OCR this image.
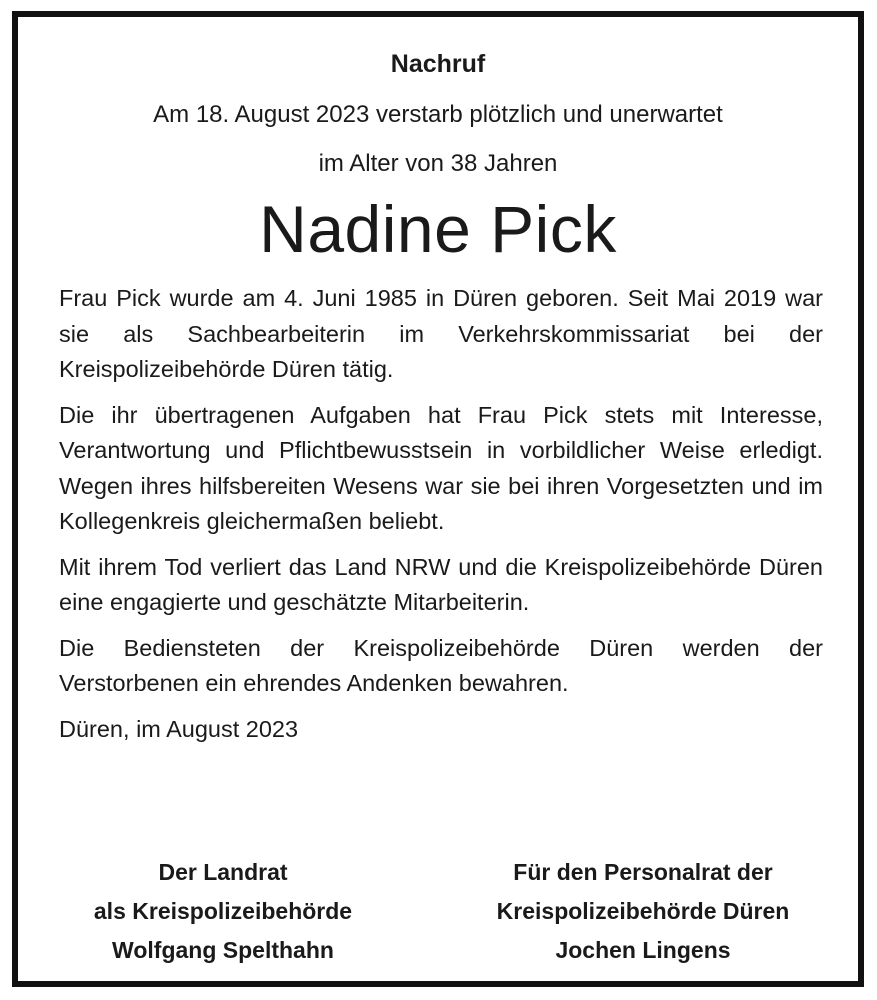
Nachruf
Am 18. August 2023 verstarb plötzlich und unerwartet
im Alter von 38 Jahren
Nadine Pick

Frau Pick wurde am 4. Juni 1985 in Düren geboren. Seit Mai 2019 war sie als Sachbearbeiterin im Verkehrskommissariat bei der Kreispolizeibehörde Düren tätig.

Die ihr übertragenen Aufgaben hat Frau Pick stets mit Interesse, Verantwortung und Pflichtbewusstsein in vorbildlicher Weise erledigt. Wegen ihres hilfsbereiten Wesens war sie bei ihren Vorgesetzten und im Kollegenkreis gleichermaßen beliebt.

Mit ihrem Tod verliert das Land NRW und die Kreispolizeibehörde Düren eine engagierte und geschätzte Mitarbeiterin.

Die Bediensteten der Kreispolizeibehörde Düren werden der Verstorbenen ein ehrendes Andenken bewahren.

Düren, im August 2023

Der Landrat
als Kreispolizeibehörde
Wolfgang Spelthahn
Für den Personalrat der
Kreispolizeibehörde Düren
Jochen Lingens
